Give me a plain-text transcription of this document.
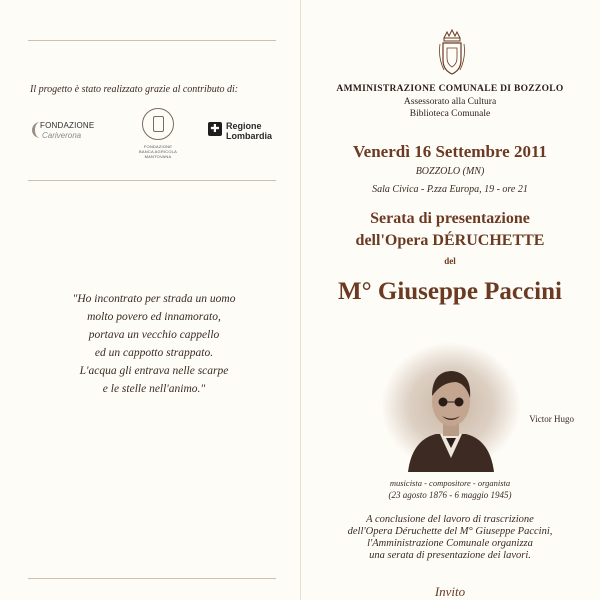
Il progetto è stato realizzato grazie al contributo di:
FONDAZIONE
Cariverona
FONDAZIONE
BANCA AGRICOLA MANTOVANA
✚ Regione
Lombardia
"Ho incontrato per strada un uomo
molto povero ed innamorato,
portava un vecchio cappello
ed un cappotto strappato.
L'acqua gli entrava nelle scarpe
e le stelle nell'animo."
Victor Hugo
AMMINISTRAZIONE COMUNALE DI BOZZOLO
Assessorato alla Cultura
Biblioteca Comunale
Venerdì 16 Settembre 2011
BOZZOLO (MN)
Sala Civica - P.zza Europa, 19 - ore 21
Serata di presentazione
dell'Opera DÉRUCHETTE
del
M° Giuseppe Paccini
musicista - compositore - organista
(23 agosto 1876 - 6 maggio 1945)
A conclusione del lavoro di trascrizione
dell'Opera Déruchette del M° Giuseppe Paccini,
l'Amministrazione Comunale organizza
una serata di presentazione dei lavori.
Invito
